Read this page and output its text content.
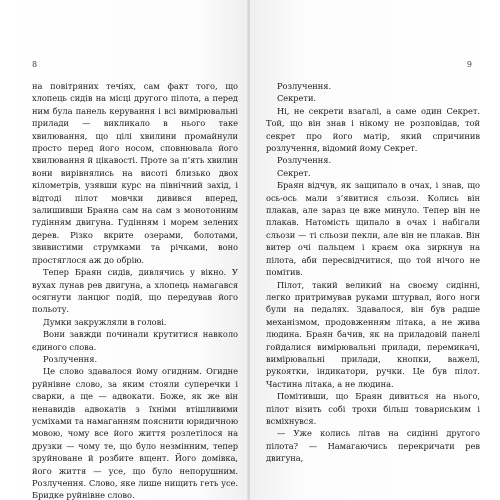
8

на повітряних течіях, сам факт того, що хлопець сидів на місці другого пілота, а перед ним була панель керування і всі вимірювальні прилади — викликало в нього таке хвилювання, що цілі хвилини промайнули просто перед його носом, сповнювала його хвилювання й цікавості. Проте за п’ять хвилин вони вирівнялись на висоті близько двох кілометрів, узявши курс на північний захід, і відтоді пілот мовчки дивився вперед, залишивши Браяна сам на сам з монотонним гудінням двигуна. Гудінням і морем зелених дерев. Різко вкрите озерами, болотами, звивистими струмками та річками, воно простяглося аж до обрію.

Тепер Браян сидів, дивлячись у вікно. У вухах лунав рев двигуна, а хлопець намагався осягнути ланцюг подій, що передував його польоту.

Думки закружляли в голові.

Вони завжди починали крутитися навколо єдиного слова.

Розлучення.

Це слово здавалося йому огидним. Огидне руйнівне слово, за яким стояли суперечки і сварки, а ще — адвокати. Боже, як же він ненавидів адвокатів з їхніми втішливими усміхами та намаганням пояснити юридичною мовою, чому все його життя розлетілося на друзки — чому те, що було незмінним, тепер зруйноване й розбите вщент. Його домівка, його життя — усе, що було непорушним. Розлучення. Слово, яке лише нищить геть усе. Бридке руйнівне слово.

9

Розлучення.

Секрети.

Ні, не секрети взагалі, а саме один Секрет. Той, що він знав і нікому не розповідав, той секрет про його матір, який спричинив розлучення, відомий йому Секрет.

Розлучення.

Секрет.

Браян відчув, як защипало в очах, і знав, що ось-ось мали з’явитися сльози. Колись він плакав, але зараз це вже минуло. Тепер він не плакав. Натомість щипало в очах і набігали сльози — ті сльози пекли, але він не плакав. Він витер очі пальцем і краєм ока зиркнув на пілота, аби пересвідчитися, що той нічого не помітив.

Пілот, такий великий на своєму сидінні, легко притримував руками штурвал, його ноги були на педалях. Здавалося, він був радше механізмом, продовженням літака, а не жива людина. Браян бачив, як на приладовій панелі гойдалися вимірювальні прилади, перемикачі, вимірювальні прилади, кнопки, важелі, рукоятки, індикатори, ручки. Це був пілот. Частина літака, а не людина.

Помітивши, що Браян дивиться на нього, пілот візить собі трохи більш товариським і всміхнувся.

— Уже колись літав на сидінні другого пілота? — Намагаючись перекричати рев двигуна,
